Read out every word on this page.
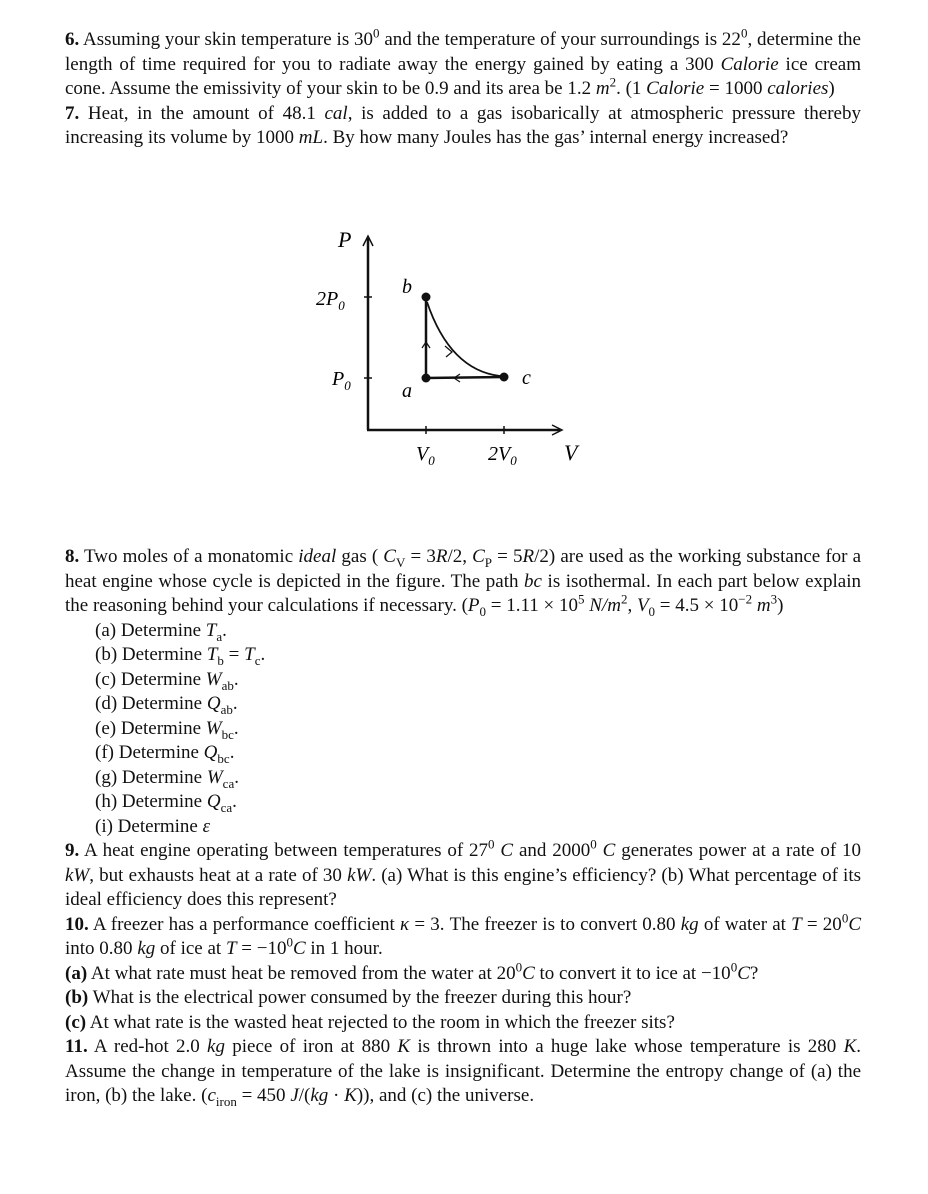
6. Assuming your skin temperature is $30^0$ and the temperature of your surroundings is $22^0$, determine the length of time required for you to radiate away the energy gained by eating a 300 Calorie ice cream cone. Assume the emissivity of your skin to be 0.9 and its area be 1.2 $m^2$. (1 Calorie = 1000 calories)

7. Heat, in the amount of 48.1 cal, is added to a gas isobarically at atmospheric pressure thereby increasing its volume by 1000 mL. By how many Joules has the gas’ internal energy increased?

P
V
b
a
c
$2P_0$
$P_0$
$V_0$	$2V_0$

8. Two moles of a monatomic ideal gas ( $C_V = 3R/2$, $C_P = 5R/2$) are used as the working substance for a heat engine whose cycle is depicted in the figure. The path bc is isothermal. In each part below explain the reasoning behind your calculations if necessary. ($P_0 = 1.11 \times 10^5$ $N/m^2$, $V_0 = 4.5 \times 10^{-2}$ $m^3$)

(a) Determine $T_a$.

(b) Determine $T_b = T_c$.

(c) Determine $W_{ab}$.

(d) Determine $Q_{ab}$.

(e) Determine $W_{bc}$.

(f) Determine $Q_{bc}$.

(g) Determine $W_{ca}$.

(h) Determine $Q_{ca}$.

(i) Determine ε

9. A heat engine operating between temperatures of $27^0$ C and 2000$^0$ C generates power at a rate of 10 kW, but exhausts heat at a rate of 30 kW. (a) What is this engine’s efficiency? (b) What percentage of its ideal efficiency does this represent?

10. A freezer has a performance coefficient κ = 3. The freezer is to convert 0.80 kg of water at $T = 20^0C$ into 0.80 kg of ice at $T = -10^0C$ in 1 hour.

(a) At what rate must heat be removed from the water at $20^0C$ to convert it to ice at $-10^0C$?

(b) What is the electrical power consumed by the freezer during this hour?

(c) At what rate is the wasted heat rejected to the room in which the freezer sits?

11. A red-hot 2.0 kg piece of iron at 880 K is thrown into a huge lake whose temperature is 280 K. Assume the change in temperature of the lake is insignificant. Determine the entropy change of (a) the iron, (b) the lake. ($c_{iron} = 450$ J/(kg · K)), and (c) the universe.
